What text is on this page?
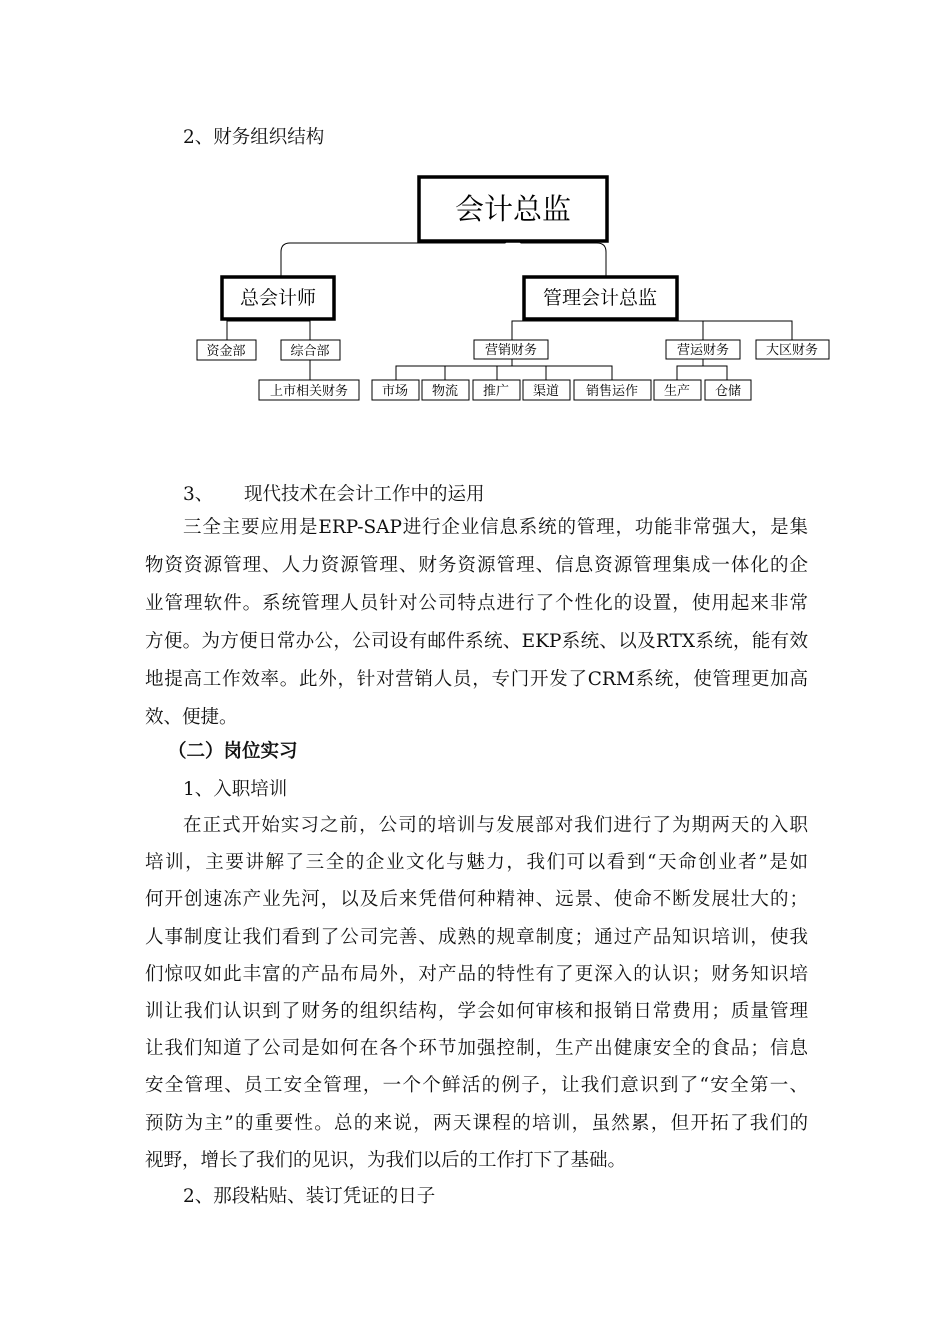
2、财务组织结构
会计总监
总会计师	管理会计总监
资金部	综合部
上市相关财务
营销财务	营运财务	大区财务
市场 物流 推广 渠道 销售运作 生产 仓储
3、	现代技术在会计工作中的运用
三全主要应用是ERP-SAP进行企业信息系统的管理，功能非常强大，是集
物资资源管理、人力资源管理、财务资源管理、信息资源管理集成一体化的企
业管理软件。系统管理人员针对公司特点进行了个性化的设置，使用起来非常
方便。为方便日常办公，公司设有邮件系统、EKP系统、以及RTX系统，能有效
地提高工作效率。此外，针对营销人员，专门开发了CRM系统，使管理更加高
效、便捷。
（二）岗位实习
1、入职培训
在正式开始实习之前，公司的培训与发展部对我们进行了为期两天的入职
培训，主要讲解了三全的企业文化与魅力，我们可以看到“天命创业者”是如
何开创速冻产业先河，以及后来凭借何种精神、远景、使命不断发展壮大的；
人事制度让我们看到了公司完善、成熟的规章制度；通过产品知识培训，使我
们惊叹如此丰富的产品布局外，对产品的特性有了更深入的认识；财务知识培
训让我们认识到了财务的组织结构，学会如何审核和报销日常费用；质量管理
让我们知道了公司是如何在各个环节加强控制，生产出健康安全的食品；信息
安全管理、员工安全管理，一个个鲜活的例子，让我们意识到了“安全第一、
预防为主”的重要性。总的来说，两天课程的培训，虽然累，但开拓了我们的
视野，增长了我们的见识，为我们以后的工作打下了基础。
2、那段粘贴、装订凭证的日子
